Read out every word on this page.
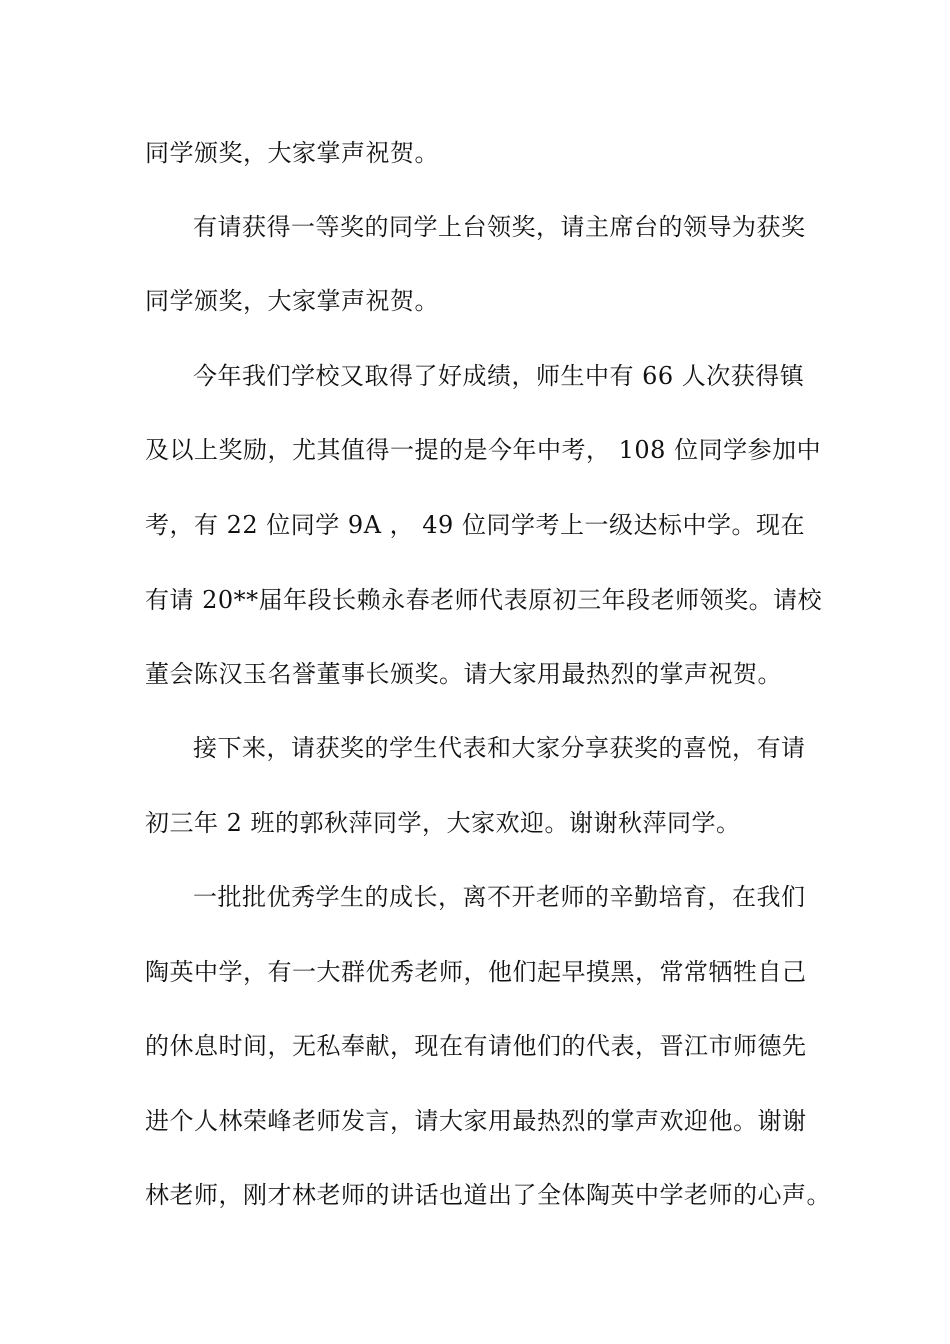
同学颁奖，大家掌声祝贺。
有请获得一等奖的同学上台领奖，请主席台的领导为获奖
同学颁奖，大家掌声祝贺。
今年我们学校又取得了好成绩，师生中有 66 人次获得镇
及以上奖励，尤其值得一提的是今年中考， 108 位同学参加中
考，有 22 位同学 9A ， 49 位同学考上一级达标中学。现在
有请 20**届年段长赖永春老师代表原初三年段老师领奖。请校
董会陈汉玉名誉董事长颁奖。请大家用最热烈的掌声祝贺。
接下来，请获奖的学生代表和大家分享获奖的喜悦，有请
初三年 2 班的郭秋萍同学，大家欢迎。谢谢秋萍同学。
一批批优秀学生的成长，离不开老师的辛勤培育，在我们
陶英中学，有一大群优秀老师，他们起早摸黑，常常牺牲自己
的休息时间，无私奉献，现在有请他们的代表，晋江市师德先
进个人林荣峰老师发言，请大家用最热烈的掌声欢迎他。谢谢
林老师，刚才林老师的讲话也道出了全体陶英中学老师的心声。
